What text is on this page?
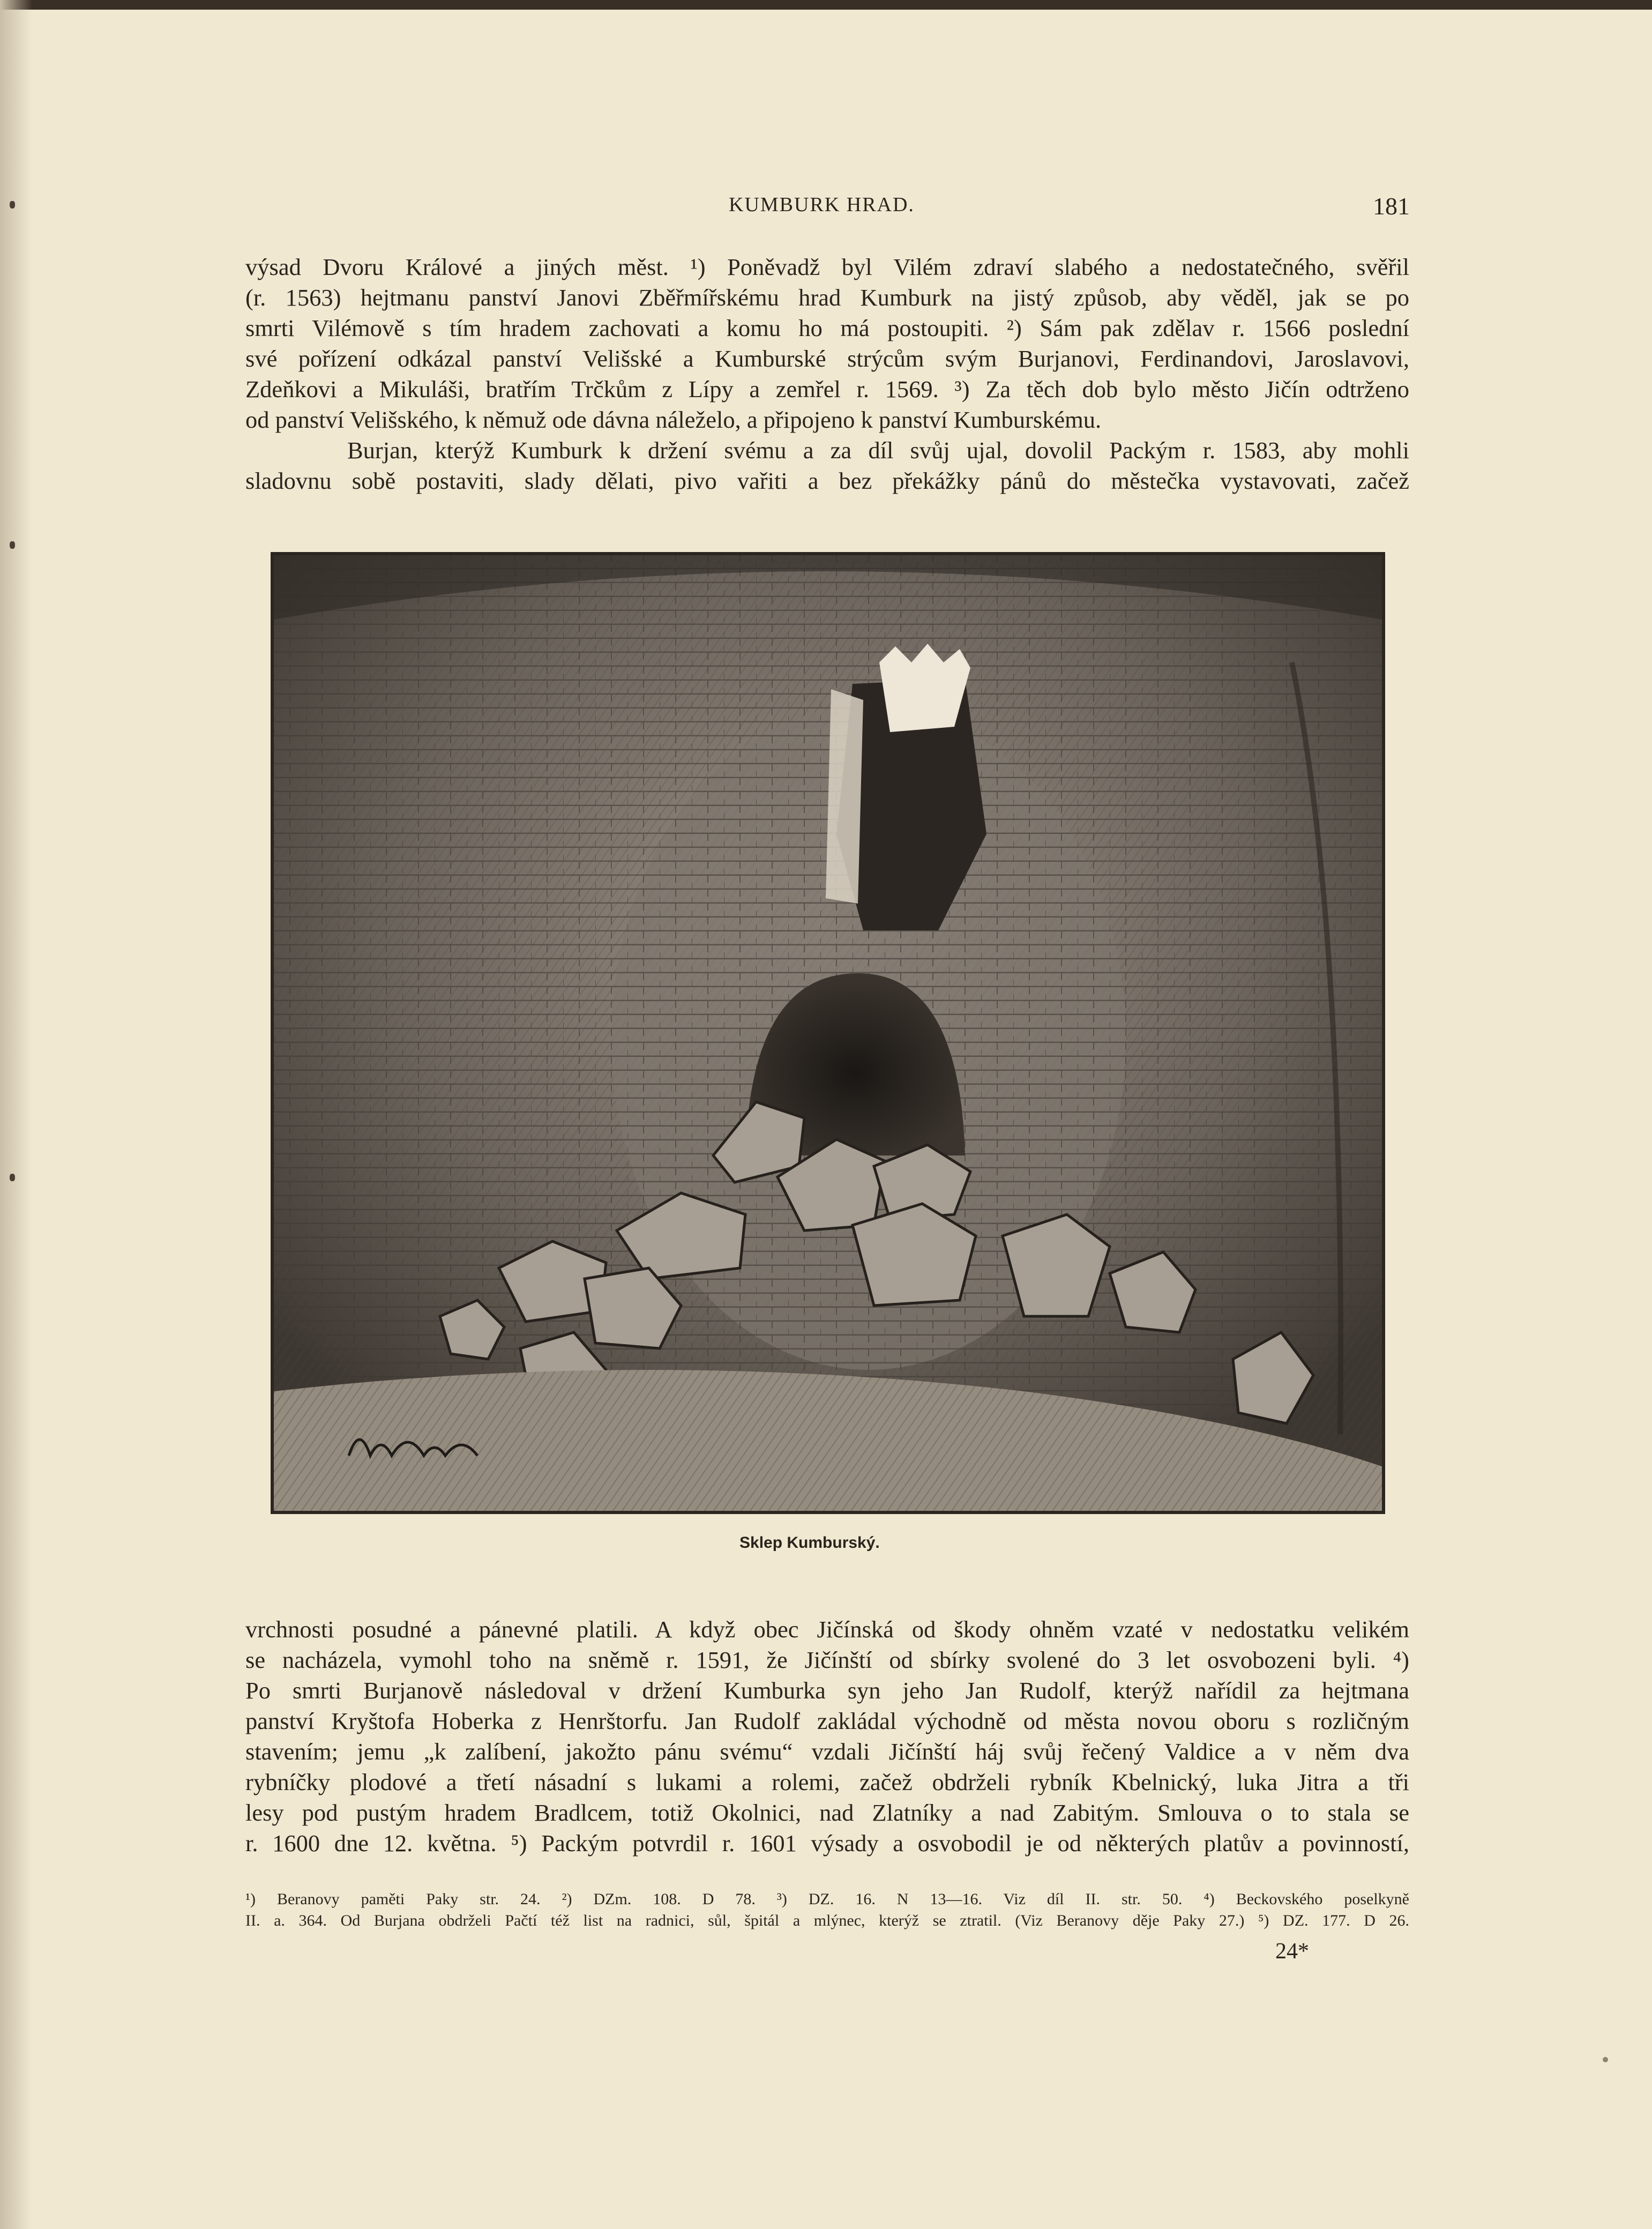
KUMBURK HRAD.	181

výsad Dvoru Králové a jiných měst. ¹) Poněvadž byl Vilém zdraví slabého a nedostatečného, svěřil
(r. 1563) hejtmanu panství Janovi Zběřmířskému hrad Kumburk na jistý způsob, aby věděl, jak se po
smrti Vilémově s tím hradem zachovati a komu ho má postoupiti. ²) Sám pak zdělav r. 1566 poslední
své pořízení odkázal panství Velišské a Kumburské strýcům svým Burjanovi, Ferdinandovi, Jaroslavovi,
Zdeňkovi a Mikuláši, bratřím Trčkům z Lípy a zemřel r. 1569. ³) Za těch dob bylo město Jičín odtrženo
od panství Velišského, k němuž ode dávna náleželo, a připojeno k panství Kumburskému.

Burjan, kterýž Kumburk k držení svému a za díl svůj ujal, dovolil Packým r. 1583, aby mohli
sladovnu sobě postaviti, slady dělati, pivo vařiti a bez překážky pánů do městečka vystavovati, začež

Sklep Kumburský.

vrchnosti posudné a pánevné platili. A když obec Jičínská od škody ohněm vzaté v nedostatku velikém
se nacházela, vymohl toho na sněmě r. 1591, že Jičínští od sbírky svolené do 3 let osvobozeni byli. ⁴)
Po smrti Burjanově následoval v držení Kumburka syn jeho Jan Rudolf, kterýž nařídil za hejtmana
panství Kryštofa Hoberka z Henrštorfu. Jan Rudolf zakládal východně od města novou oboru s rozličným
stavením; jemu „k zalíbení, jakožto pánu svému“ vzdali Jičínští háj svůj řečený Valdice a v něm dva
rybníčky plodové a třetí násadní s lukami a rolemi, začež obdrželi rybník Kbelnický, luka Jitra a tři
lesy pod pustým hradem Bradlcem, totiž Okolnici, nad Zlatníky a nad Zabitým. Smlouva o to stala se
r. 1600 dne 12. května. ⁵) Packým potvrdil r. 1601 výsady a osvobodil je od některých platův a povinností,

¹) Beranovy paměti Paky str. 24. ²) DZm. 108. D 78. ³) DZ. 16. N 13—16. Viz díl II. str. 50. ⁴) Beckovského poselkyně
II. a. 364. Od Burjana obdrželi Pačtí též list na radnici, sůl, špitál a mlýnec, kterýž se ztratil. (Viz Beranovy děje Paky 27.) ⁵) DZ. 177. D 26.
24*
